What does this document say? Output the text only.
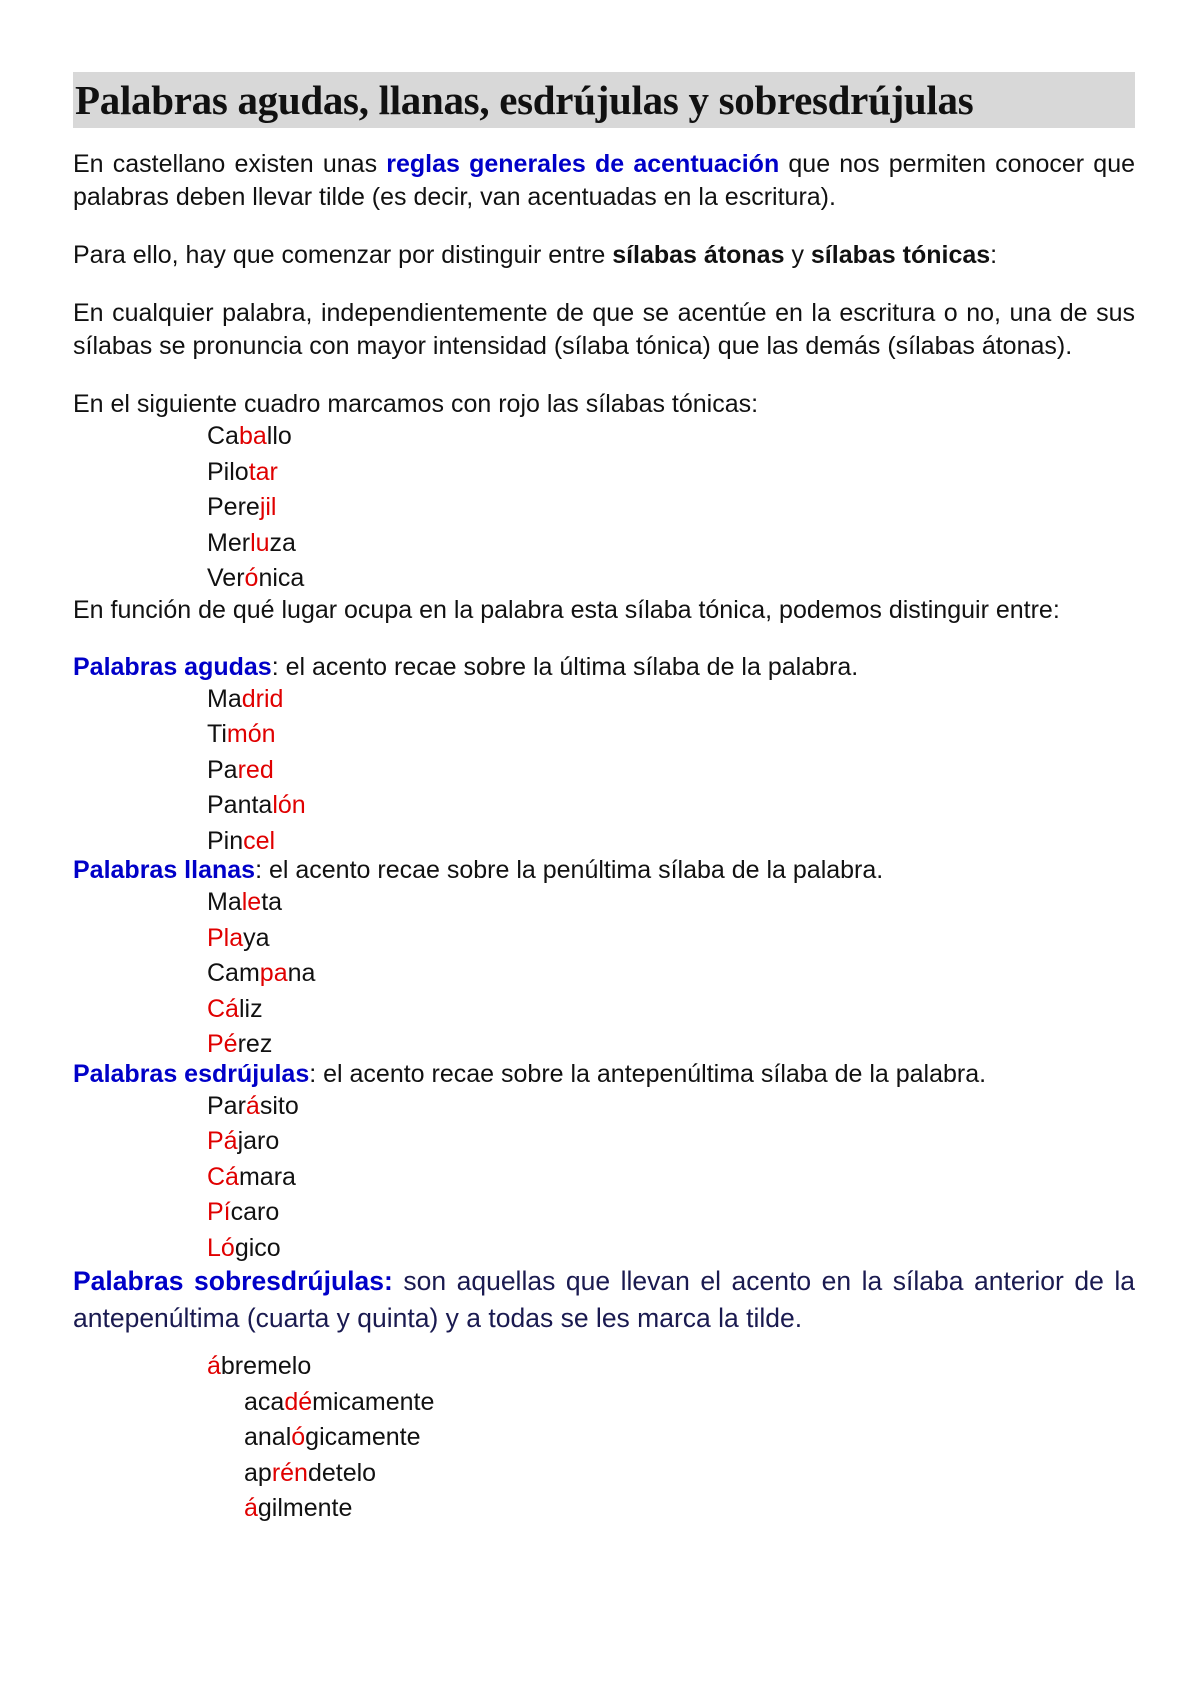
Palabras agudas, llanas, esdrújulas y sobresdrújulas

En castellano existen unas reglas generales de acentuación que nos permiten conocer que palabras deben llevar tilde (es decir, van acentuadas en la escritura).

Para ello, hay que comenzar por distinguir entre sílabas átonas y sílabas tónicas:

En cualquier palabra, independientemente de que se acentúe en la escritura o no, una de sus sílabas se pronuncia con mayor intensidad (sílaba tónica) que las demás (sílabas átonas).

En el siguiente cuadro marcamos con rojo las sílabas tónicas:

Caballo
Pilotar
Perejil
Merluza
Verónica

En función de qué lugar ocupa en la palabra esta sílaba tónica, podemos distinguir entre:

Palabras agudas: el acento recae sobre la última sílaba de la palabra.

Madrid
Timón
Pared
Pantalón
Pincel

Palabras llanas: el acento recae sobre la penúltima sílaba de la palabra.

Maleta
Playa
Campana
Cáliz
Pérez

Palabras esdrújulas: el acento recae sobre la antepenúltima sílaba de la palabra.

Parásito
Pájaro
Cámara
Pícaro
Lógico

Palabras sobresdrújulas: son aquellas que llevan el acento en la sílaba anterior de la antepenúltima (cuarta y quinta) y a todas se les marca la tilde.

ábremelo
académicamente
analógicamente
apréndetelo
ágilmente
